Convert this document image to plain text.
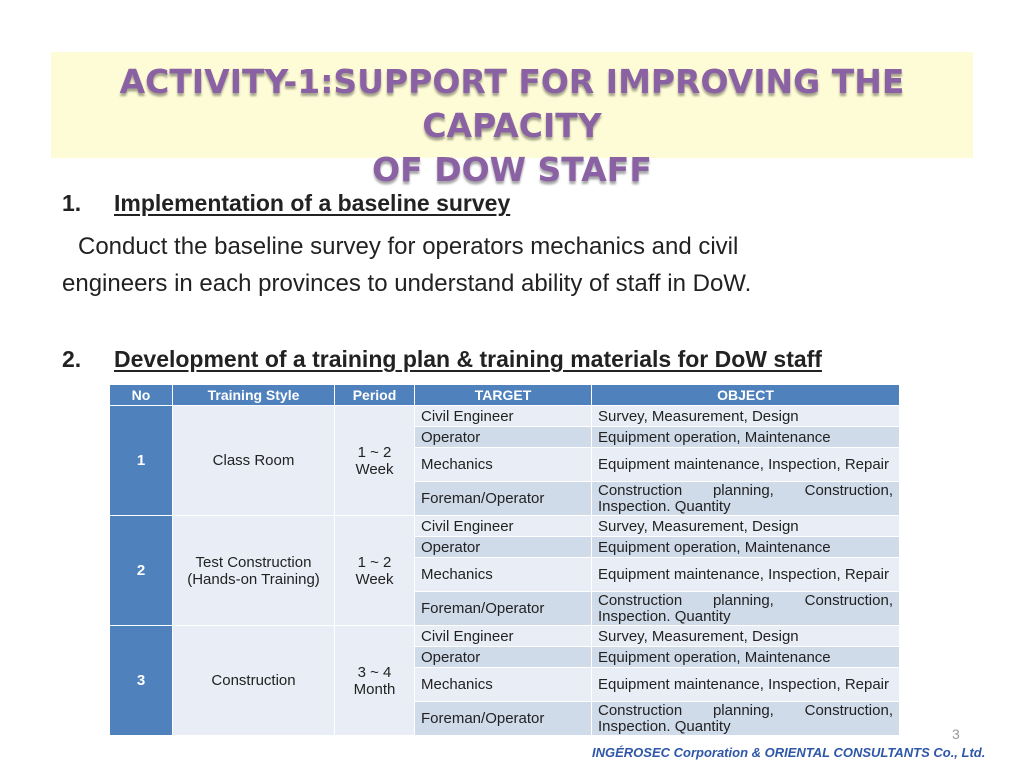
ACTIVITY-1:SUPPORT FOR IMPROVING THE CAPACITY
OF DOW STAFF
1. Implementation of a baseline survey
Conduct the baseline survey for operators mechanics and civil
engineers in each provinces to understand ability of staff in DoW.
2. Development of a training plan & training materials for DoW staff
No	Training Style	Period	TARGET	OBJECT
1	Class Room	1 ~ 2 Week	Civil Engineer	Survey, Measurement, Design
			Operator	Equipment operation, Maintenance
			Mechanics	Equipment maintenance, Inspection, Repair
			Foreman/Operator	Construction planning, Construction, Inspection. Quantity
2	Test Construction (Hands-on Training)	1 ~ 2 Week	Civil Engineer	Survey, Measurement, Design
			Operator	Equipment operation, Maintenance
			Mechanics	Equipment maintenance, Inspection, Repair
			Foreman/Operator	Construction planning, Construction, Inspection. Quantity
3	Construction	3 ~ 4 Month	Civil Engineer	Survey, Measurement, Design
			Operator	Equipment operation, Maintenance
			Mechanics	Equipment maintenance, Inspection, Repair
			Foreman/Operator	Construction planning, Construction, Inspection. Quantity	3
INGÉROSEC Corporation & ORIENTAL CONSULTANTS Co., Ltd.
